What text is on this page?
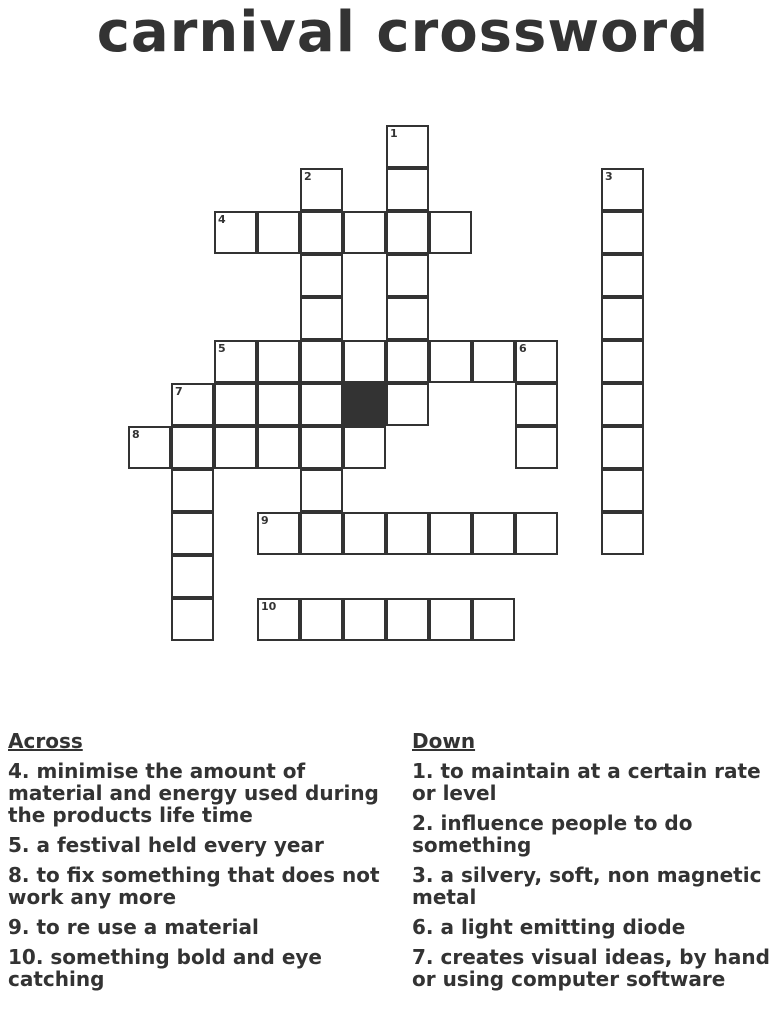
carnival crossword
4
5	6
8
9
10
1
2	3
7
Across
4. minimise the amount of material and energy used during the products life time
5. a festival held every year
8. to fix something that does not work any more
9. to re use a material
10. something bold and eye catching
Down
1. to maintain at a certain rate or level
2. influence people to do something
3. a silvery, soft, non magnetic metal
6. a light emitting diode
7. creates visual ideas, by hand or using computer software
